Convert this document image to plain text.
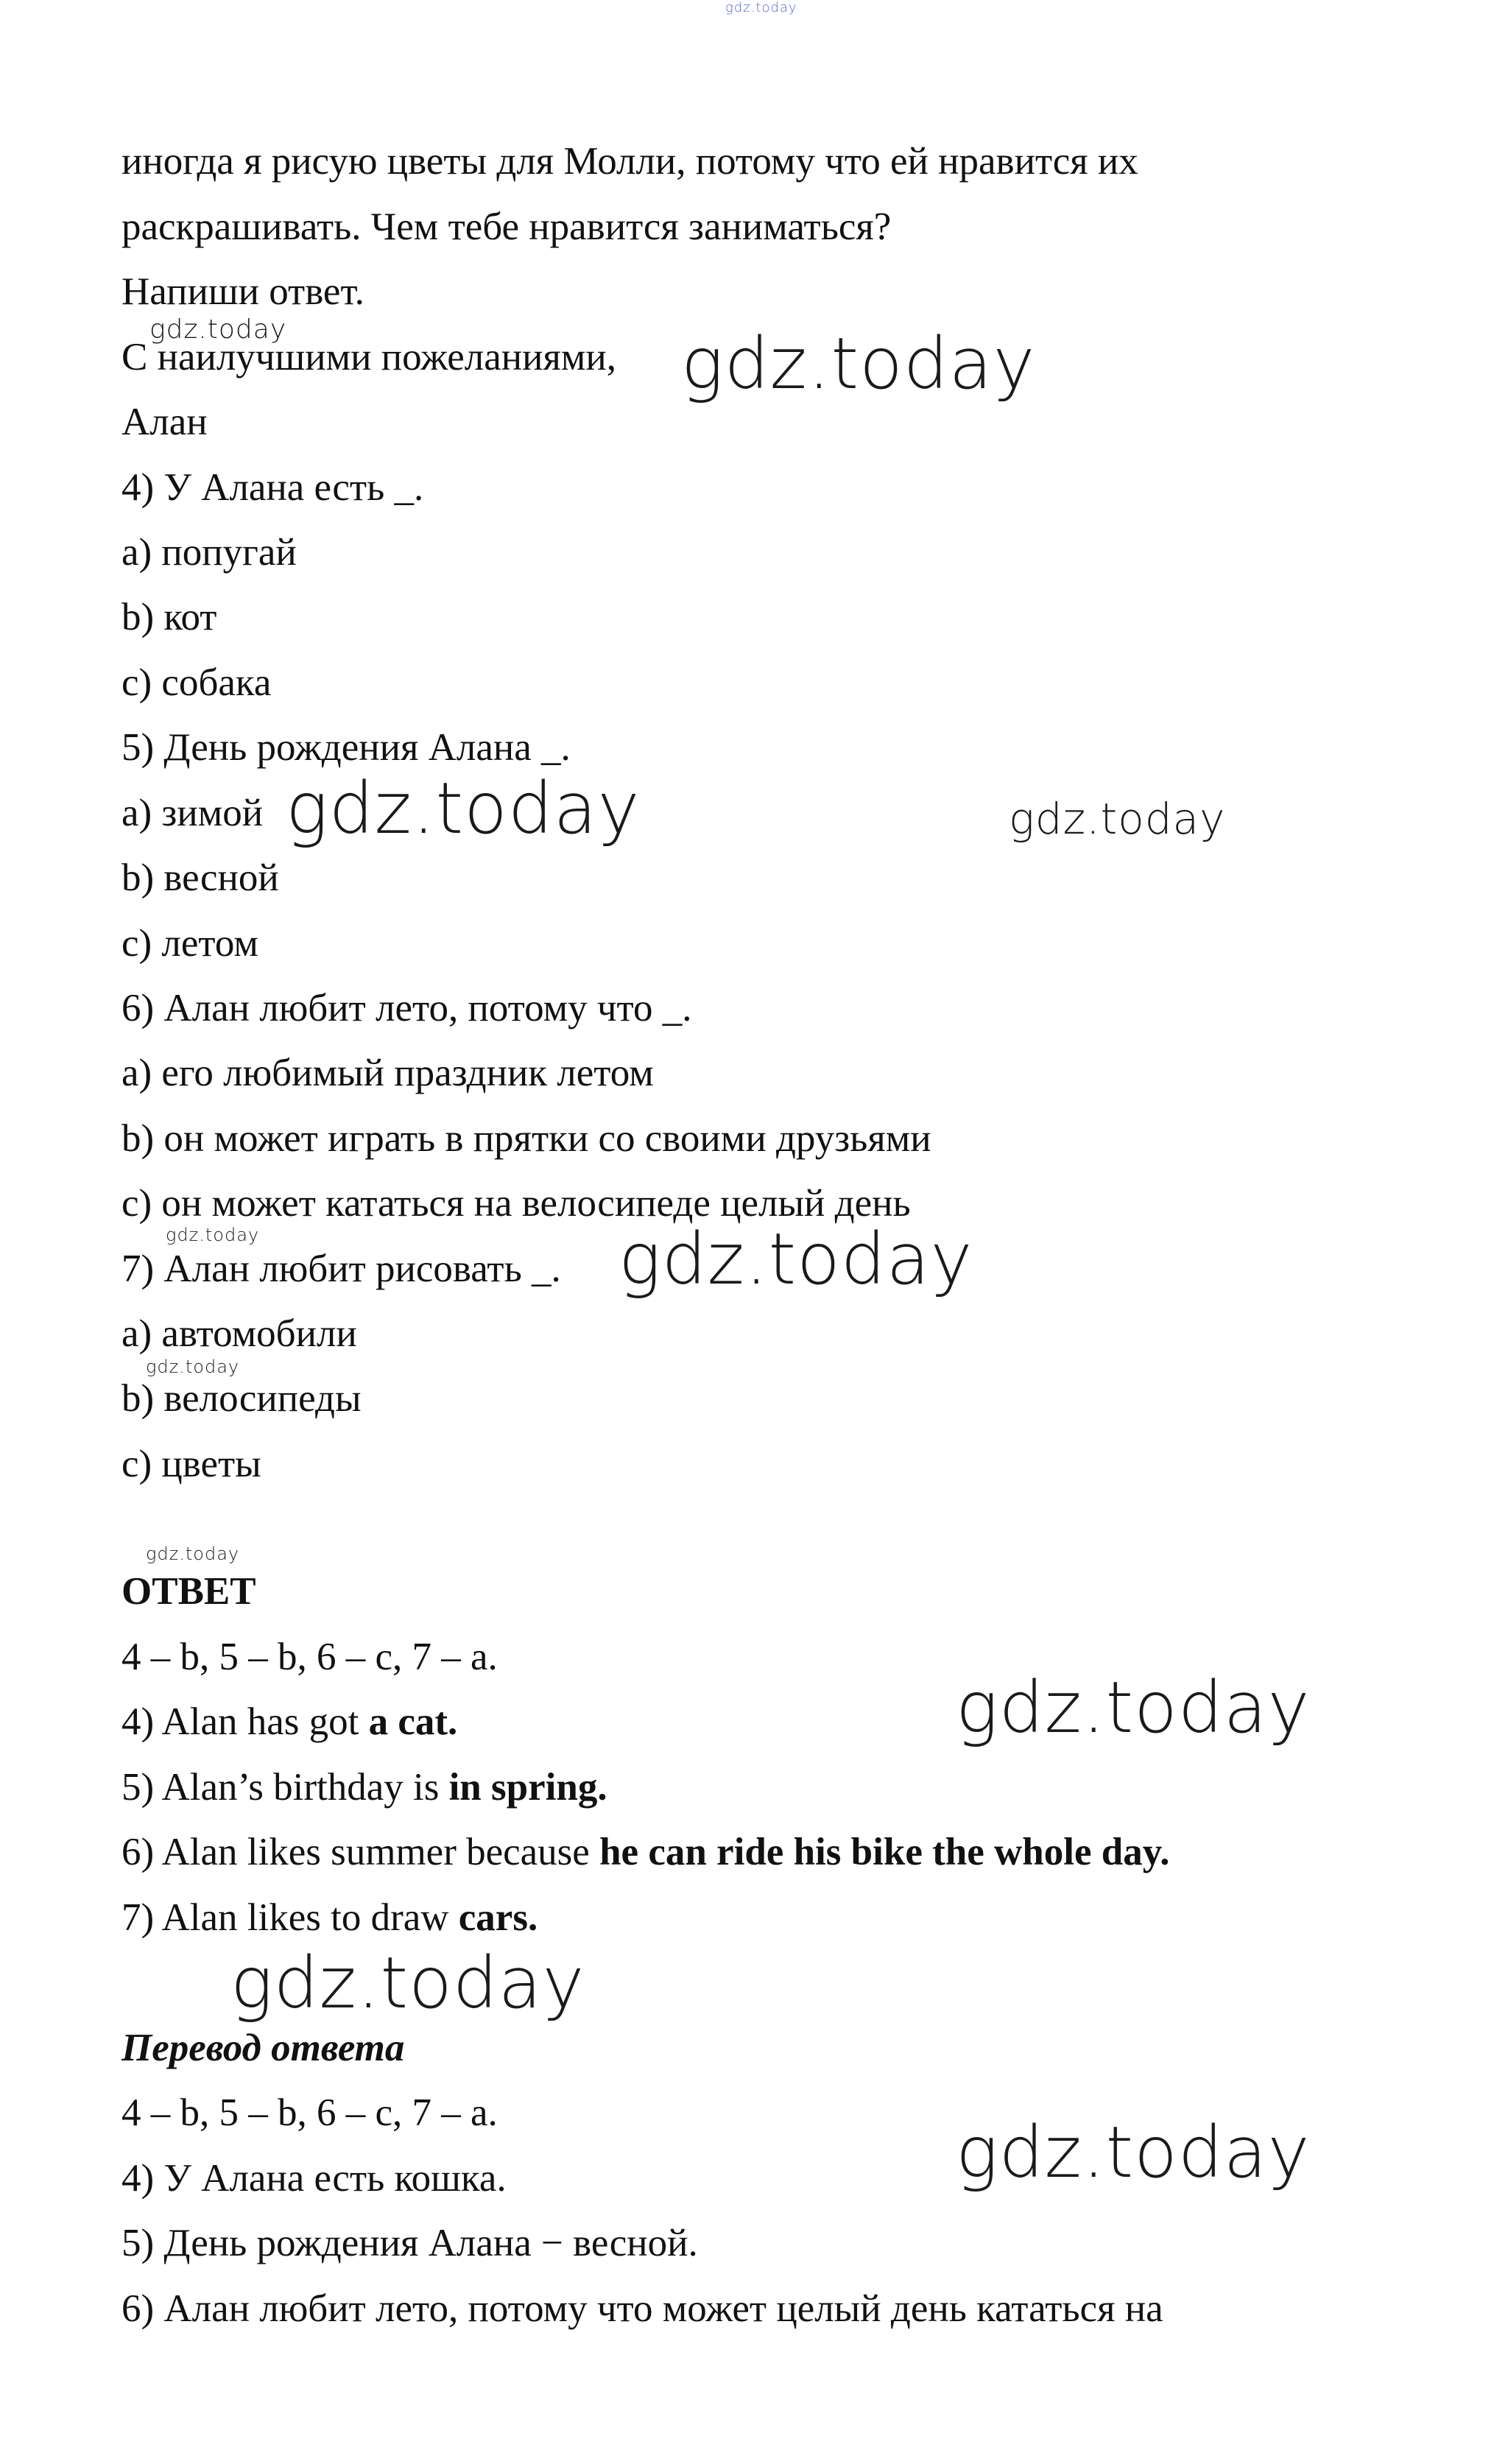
gdz.today
иногда я рисую цветы для Молли, потому что ей нравится их
раскрашивать. Чем тебе нравится заниматься?
Напиши ответ.
С наилучшими пожеланиями,
Алан
4) У Алана есть _.
a) попугай
b) кот
c) собака
5) День рождения Алана _.
a) зимой
b) весной
c) летом
6) Алан любит лето, потому что _.
a) его любимый праздник летом
b) он может играть в прятки со своими друзьями
c) он может кататься на велосипеде целый день
7) Алан любит рисовать _.
a) автомобили
b) велосипеды
c) цветы
ОТВЕТ
4 – b, 5 – b, 6 – c, 7 – a.
4) Alan has got a cat.
5) Alan’s birthday is in spring.
6) Alan likes summer because he can ride his bike the whole day.
7) Alan likes to draw cars.
Перевод ответа
4 – b, 5 – b, 6 – c, 7 – a.
4) У Алана есть кошка.
5) День рождения Алана − весной.
6) Алан любит лето, потому что может целый день кататься на
gdz.today	gdz.today
gdz.today	gdz.today
gdz.today	gdz.today
gdz.today
gdz.today
gdz.today
gdz.today
gdz.today
